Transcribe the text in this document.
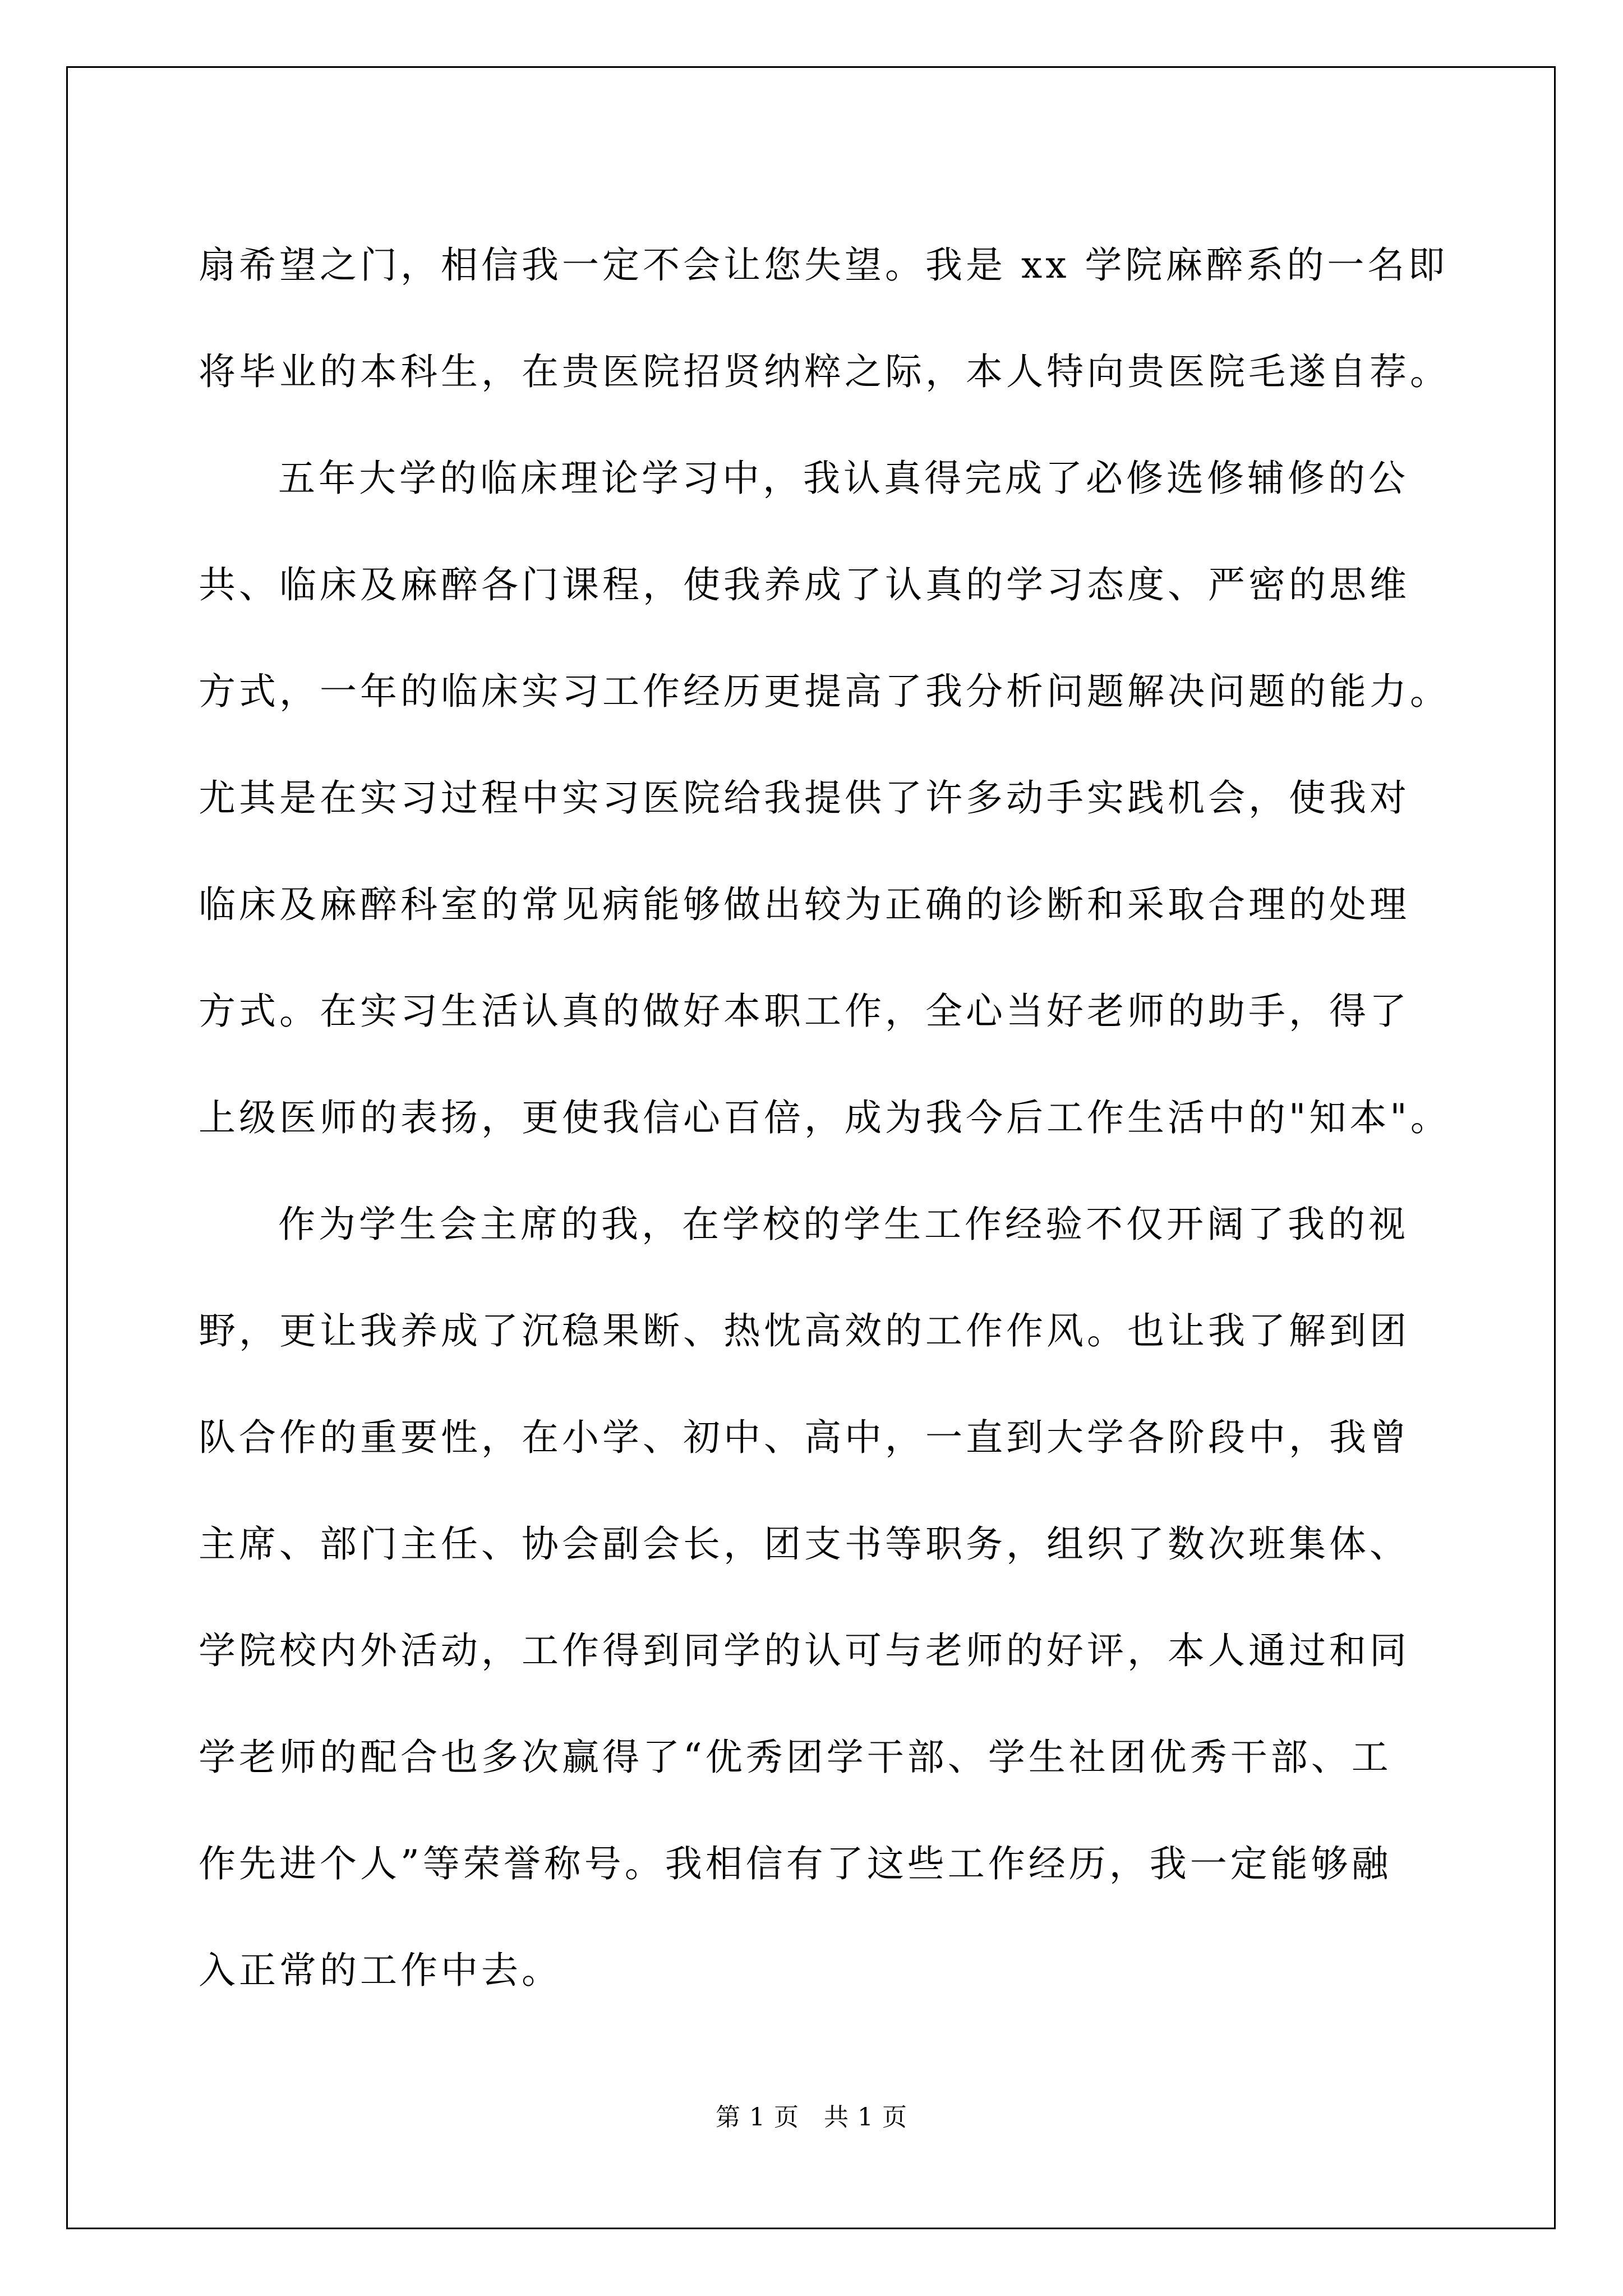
扇希望之门，相信我一定不会让您失望。我是 xx 学院麻醉系的一名即
将毕业的本科生，在贵医院招贤纳粹之际，本人特向贵医院毛遂自荐。
五年大学的临床理论学习中，我认真得完成了必修选修辅修的公
共、临床及麻醉各门课程，使我养成了认真的学习态度、严密的思维
方式，一年的临床实习工作经历更提高了我分析问题解决问题的能力。
尤其是在实习过程中实习医院给我提供了许多动手实践机会，使我对
临床及麻醉科室的常见病能够做出较为正确的诊断和采取合理的处理
方式。在实习生活认真的做好本职工作，全心当好老师的助手，得了
上级医师的表扬，更使我信心百倍，成为我今后工作生活中的"知本"。
作为学生会主席的我，在学校的学生工作经验不仅开阔了我的视
野，更让我养成了沉稳果断、热忱高效的工作作风。也让我了解到团
队合作的重要性，在小学、初中、高中，一直到大学各阶段中，我曾
主席、部门主任、协会副会长，团支书等职务，组织了数次班集体、
学院校内外活动，工作得到同学的认可与老师的好评，本人通过和同
学老师的配合也多次赢得了“优秀团学干部、学生社团优秀干部、工
作先进个人”等荣誉称号。我相信有了这些工作经历，我一定能够融
入正常的工作中去。
第 1 页 共 1 页
